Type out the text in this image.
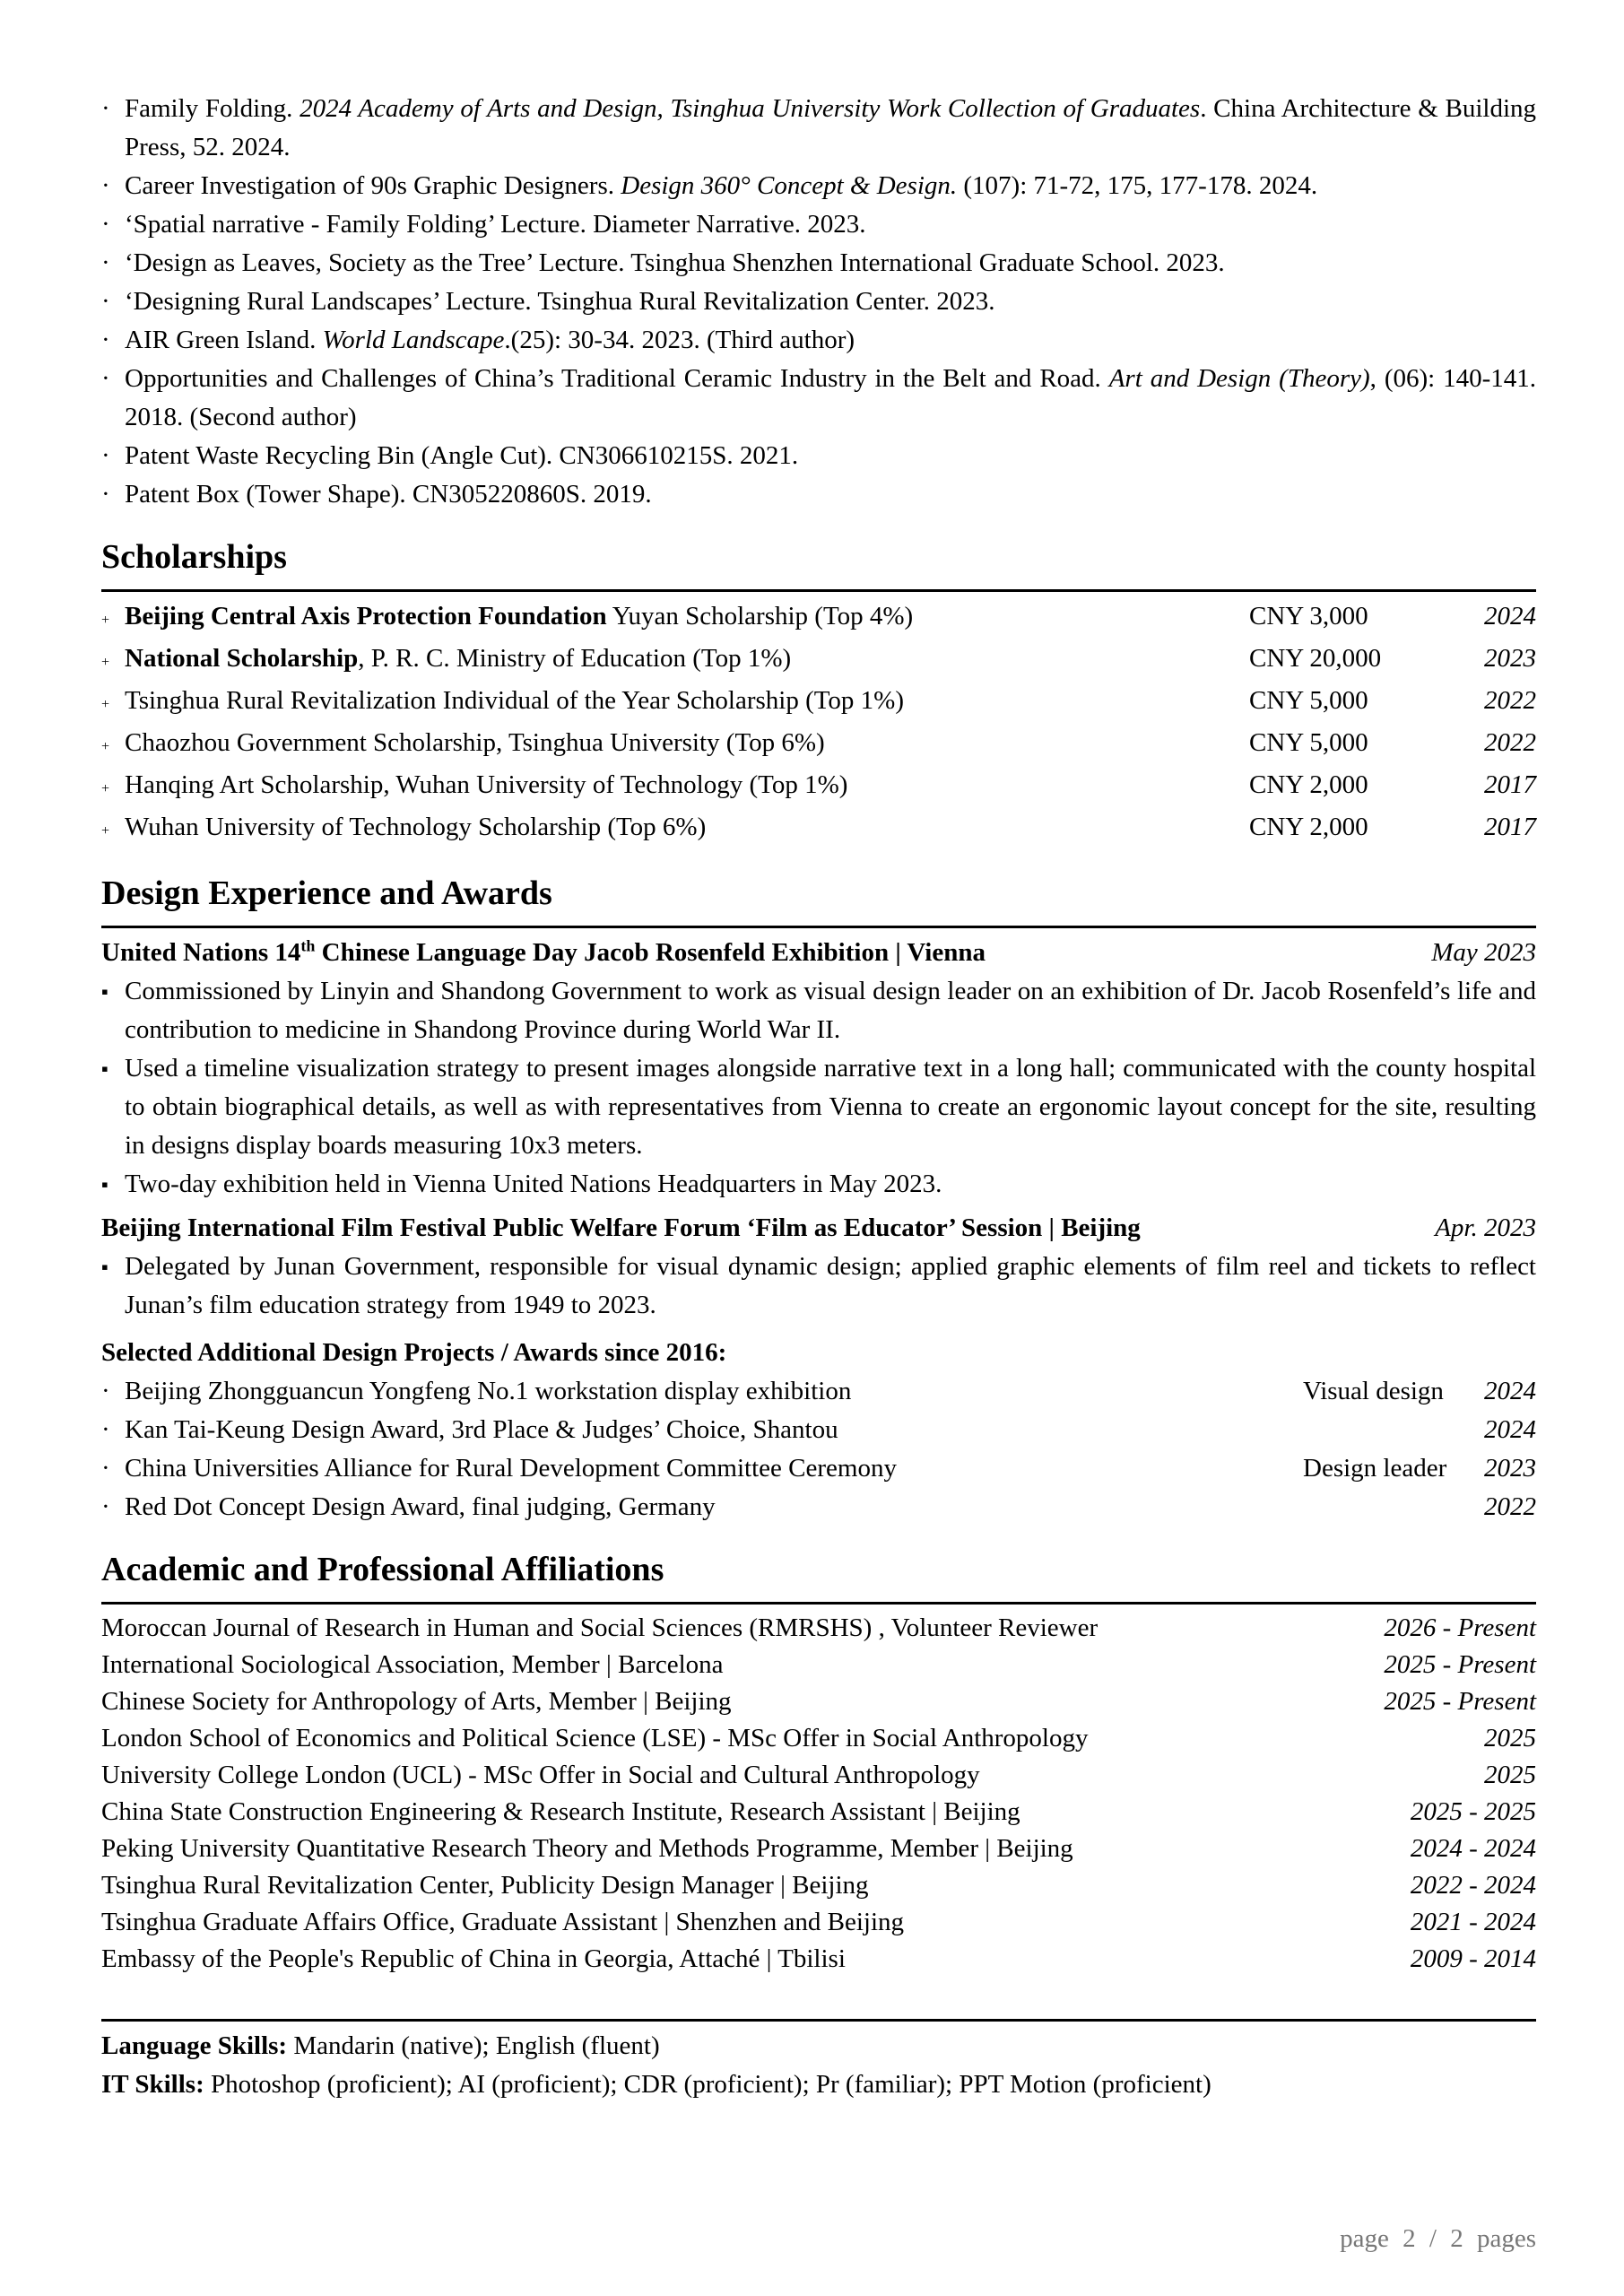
· Family Folding. 2024 Academy of Arts and Design, Tsinghua University Work Collection of Graduates. China Architecture & Building Press, 52. 2024.
· Career Investigation of 90s Graphic Designers. Design 360° Concept & Design. (107): 71-72, 175, 177-178. 2024.
· ‘Spatial narrative - Family Folding’ Lecture. Diameter Narrative. 2023.
· ‘Design as Leaves, Society as the Tree’ Lecture. Tsinghua Shenzhen International Graduate School. 2023.
· ‘Designing Rural Landscapes’ Lecture. Tsinghua Rural Revitalization Center. 2023.
· AIR Green Island. World Landscape.(25): 30-34. 2023. (Third author)
· Opportunities and Challenges of China’s Traditional Ceramic Industry in the Belt and Road. Art and Design (Theory), (06): 140-141. 2018. (Second author)
· Patent Waste Recycling Bin (Angle Cut). CN306610215S. 2021.
· Patent Box (Tower Shape). CN305220860S. 2019.
Scholarships
+ Beijing Central Axis Protection Foundation Yuyan Scholarship (Top 4%)	CNY 3,000	2024
+ National Scholarship, P. R. C. Ministry of Education (Top 1%)	CNY 20,000	2023
+ Tsinghua Rural Revitalization Individual of the Year Scholarship (Top 1%)	CNY 5,000	2022
+ Chaozhou Government Scholarship, Tsinghua University (Top 6%)	CNY 5,000	2022
+ Hanqing Art Scholarship, Wuhan University of Technology (Top 1%)	CNY 2,000	2017
+ Wuhan University of Technology Scholarship (Top 6%)	CNY 2,000	2017
Design Experience and Awards
United Nations 14th Chinese Language Day Jacob Rosenfeld Exhibition | Vienna	May 2023
▪ Commissioned by Linyin and Shandong Government to work as visual design leader on an exhibition of Dr. Jacob Rosenfeld’s life and contribution to medicine in Shandong Province during World War II.
▪ Used a timeline visualization strategy to present images alongside narrative text in a long hall; communicated with the county hospital to obtain biographical details, as well as with representatives from Vienna to create an ergonomic layout concept for the site, resulting in designs display boards measuring 10x3 meters.
▪ Two-day exhibition held in Vienna United Nations Headquarters in May 2023.
Beijing International Film Festival Public Welfare Forum ‘Film as Educator’ Session | Beijing	Apr. 2023
▪ Delegated by Junan Government, responsible for visual dynamic design; applied graphic elements of film reel and tickets to reflect Junan’s film education strategy from 1949 to 2023.
Selected Additional Design Projects / Awards since 2016:
· Beijing Zhongguancun Yongfeng No.1 workstation display exhibition	Visual design	2024
· Kan Tai-Keung Design Award, 3rd Place & Judges’ Choice, Shantou	2024
· China Universities Alliance for Rural Development Committee Ceremony	Design leader	2023
· Red Dot Concept Design Award, final judging, Germany	2022
Academic and Professional Affiliations
Moroccan Journal of Research in Human and Social Sciences (RMRSHS) , Volunteer Reviewer	2026 - Present
International Sociological Association, Member | Barcelona	2025 - Present
Chinese Society for Anthropology of Arts, Member | Beijing	2025 - Present
London School of Economics and Political Science (LSE) - MSc Offer in Social Anthropology	2025
University College London (UCL) - MSc Offer in Social and Cultural Anthropology	2025
China State Construction Engineering & Research Institute, Research Assistant | Beijing	2025 - 2025
Peking University Quantitative Research Theory and Methods Programme, Member | Beijing	2024 - 2024
Tsinghua Rural Revitalization Center, Publicity Design Manager | Beijing	2022 - 2024
Tsinghua Graduate Affairs Office, Graduate Assistant | Shenzhen and Beijing	2021 - 2024
Embassy of the People's Republic of China in Georgia, Attaché | Tbilisi	2009 - 2014
Language Skills: Mandarin (native); English (fluent)
IT Skills: Photoshop (proficient); AI (proficient); CDR (proficient); Pr (familiar); PPT Motion (proficient)
page 2 / 2 pages
